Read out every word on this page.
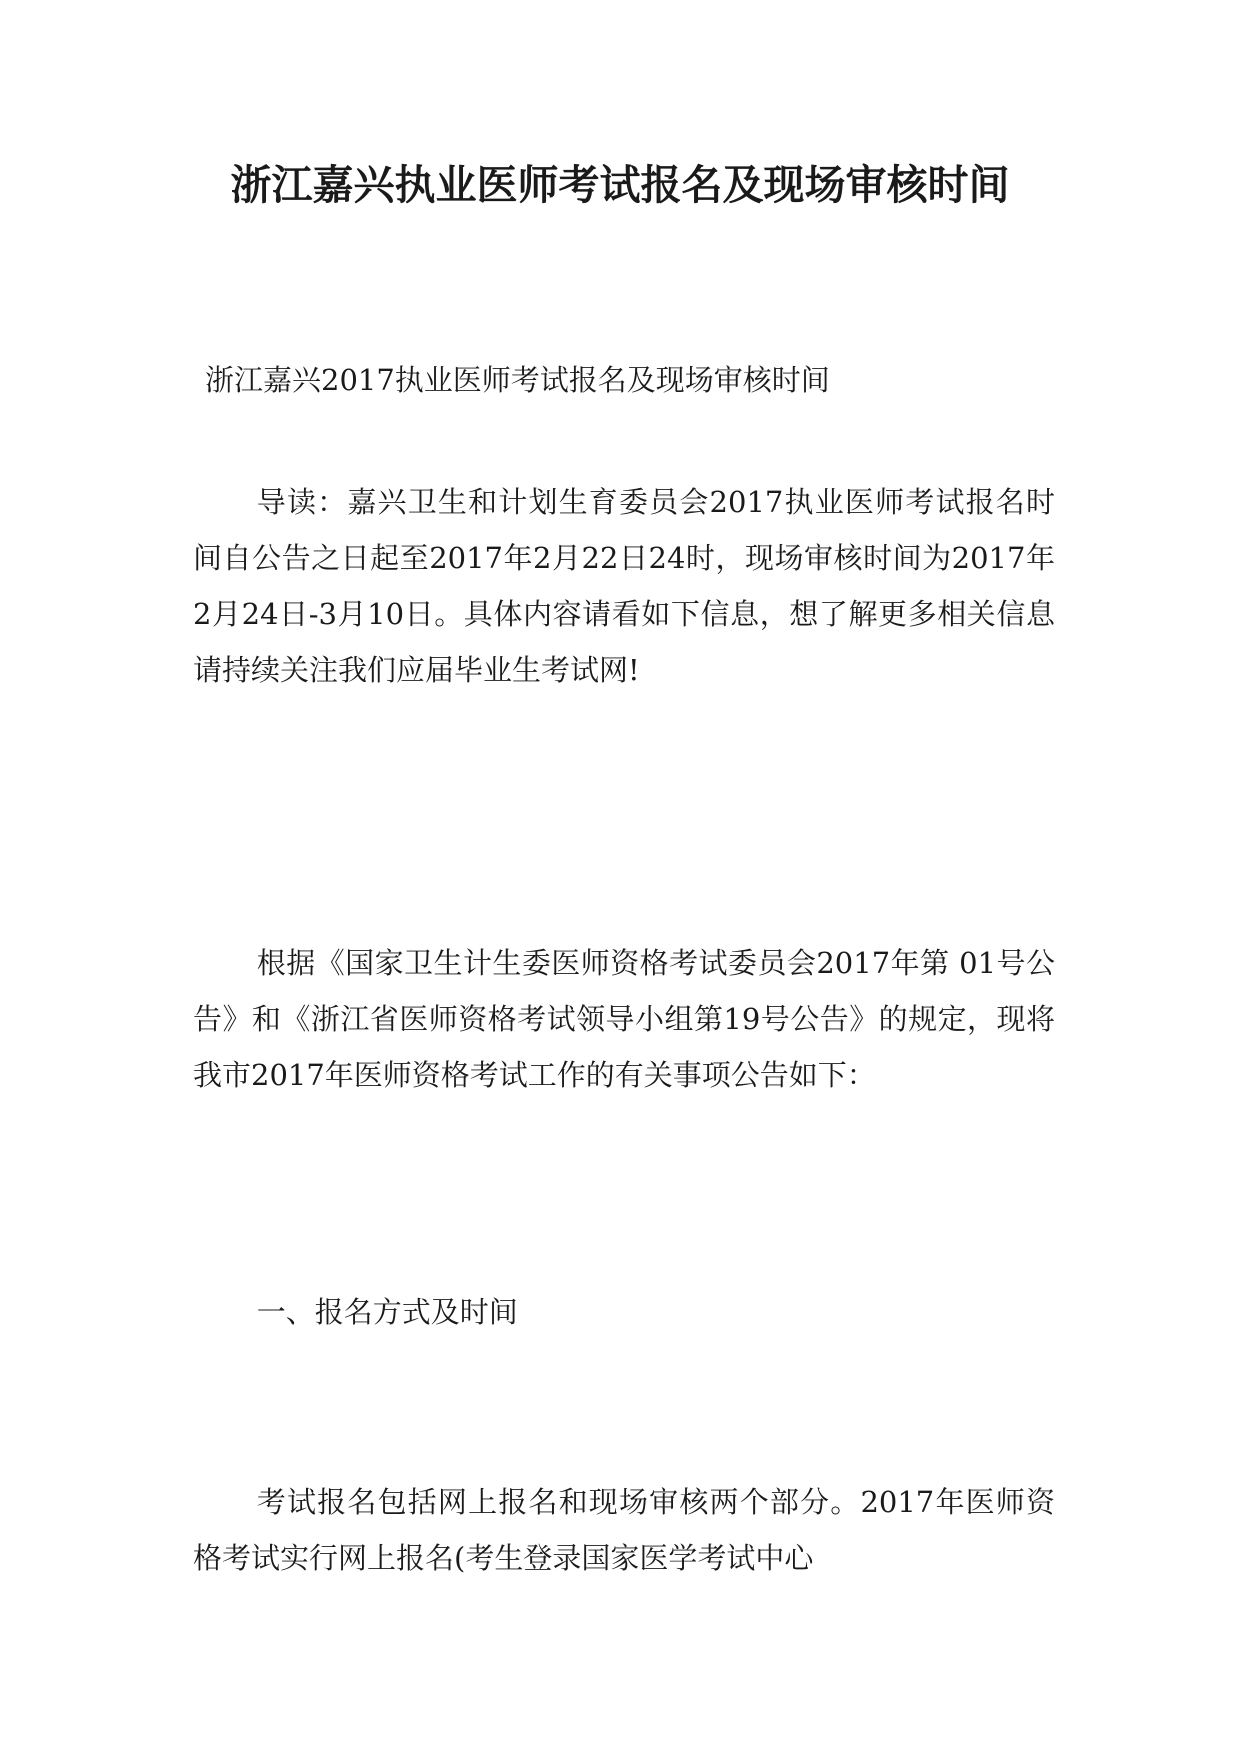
浙江嘉兴执业医师考试报名及现场审核时间

浙江嘉兴2017执业医师考试报名及现场审核时间

导读：嘉兴卫生和计划生育委员会2017执业医师考试报名时间自公告之日起至2017年2月22日24时，现场审核时间为2017年2月24日-3月10日。具体内容请看如下信息，想了解更多相关信息请持续关注我们应届毕业生考试网!

根据《国家卫生计生委医师资格考试委员会2017年第 01号公告》和《浙江省医师资格考试领导小组第19号公告》的规定，现将我市2017年医师资格考试工作的有关事项公告如下：

一、报名方式及时间

考试报名包括网上报名和现场审核两个部分。2017年医师资格考试实行网上报名(考生登录国家医学考试中心
